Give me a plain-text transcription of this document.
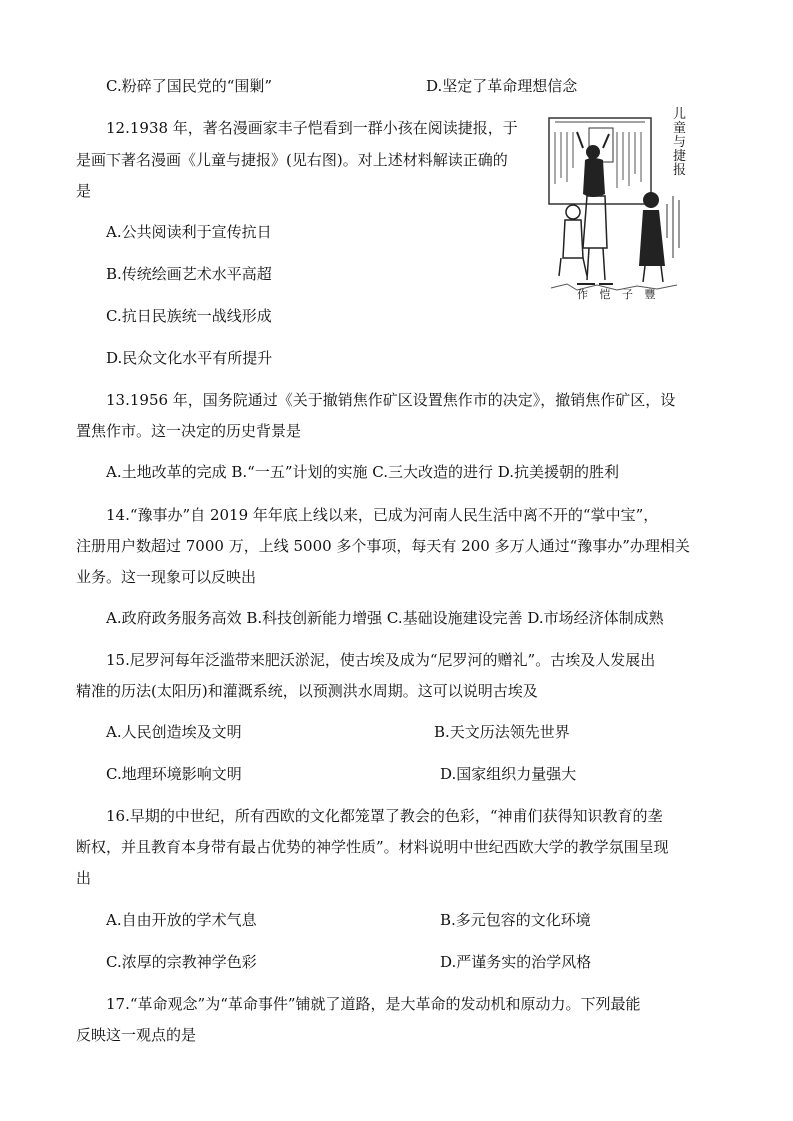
C.粉碎了国民党的“围剿”	D.坚定了革命理想信念
12.1938 年，著名漫画家丰子恺看到一群小孩在阅读捷报，于
是画下著名漫画《儿童与捷报》(见右图)。对上述材料解读正确的
是
A.公共阅读利于宣传抗日
B.传统绘画艺术水平高超
C.抗日民族统一战线形成
D.民众文化水平有所提升
儿童与捷报
作 恺 子 豐
13.1956 年，国务院通过《关于撤销焦作矿区设置焦作市的决定》，撤销焦作矿区，设
置焦作市。这一决定的历史背景是
A.土地改革的完成 B.“一五”计划的实施 C.三大改造的进行 D.抗美援朝的胜利
14.“豫事办”自 2019 年年底上线以来，已成为河南人民生活中离不开的“掌中宝”，
注册用户数超过 7000 万，上线 5000 多个事项，每天有 200 多万人通过“豫事办”办理相关
业务。这一现象可以反映出
A.政府政务服务高效 B.科技创新能力增强 C.基础设施建设完善 D.市场经济体制成熟
15.尼罗河每年泛滥带来肥沃淤泥，使古埃及成为“尼罗河的赠礼”。古埃及人发展出
精准的历法(太阳历)和灌溉系统，以预测洪水周期。这可以说明古埃及
A.人民创造埃及文明	B.天文历法领先世界
C.地理环境影响文明	D.国家组织力量强大
16.早期的中世纪，所有西欧的文化都笼罩了教会的色彩，“神甫们获得知识教育的垄
断权，并且教育本身带有最占优势的神学性质”。材料说明中世纪西欧大学的教学氛围呈现
出
A.自由开放的学术气息	B.多元包容的文化环境
C.浓厚的宗教神学色彩	D.严谨务实的治学风格
17.“革命观念”为“革命事件”铺就了道路，是大革命的发动机和原动力。下列最能
反映这一观点的是
